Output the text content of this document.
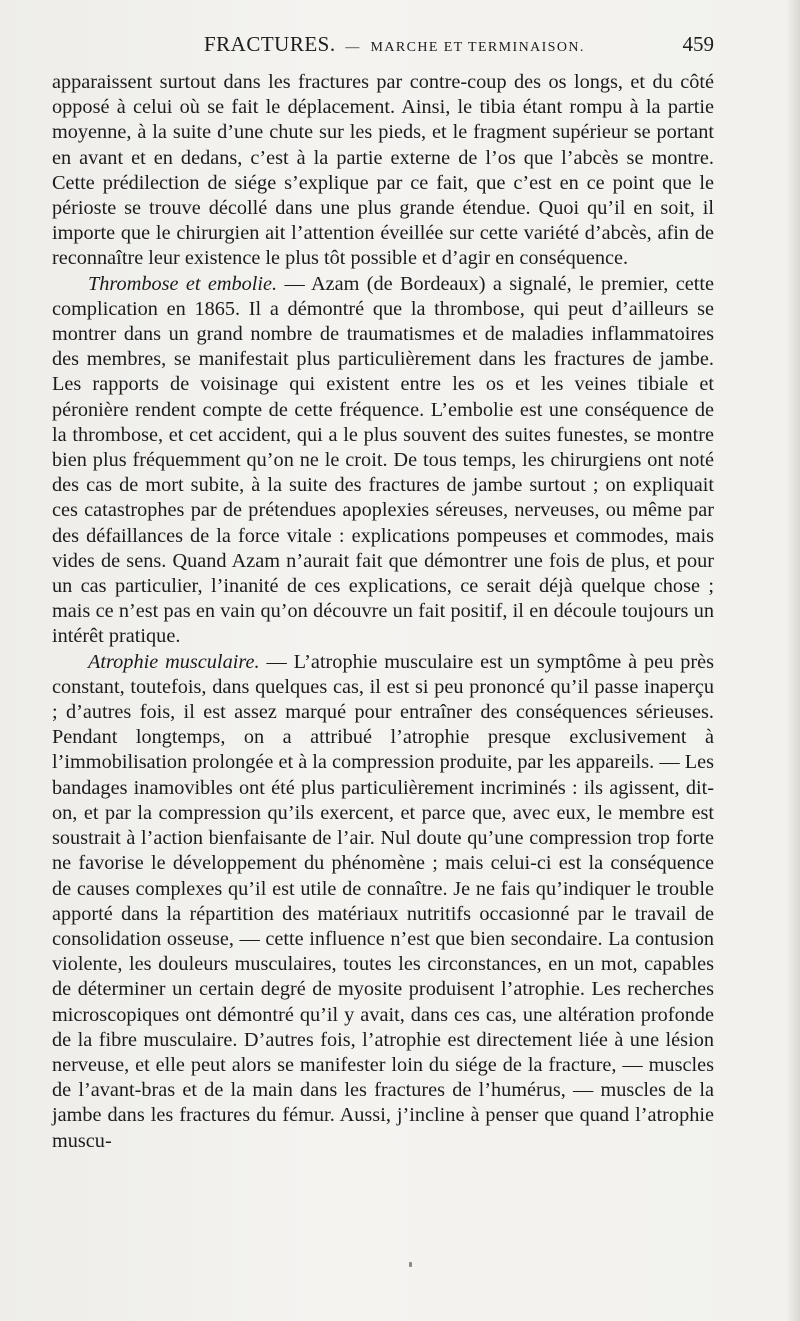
FRACTURES. — MARCHE ET TERMINAISON.	459

apparaissent surtout dans les fractures par contre-coup des os longs, et du côté opposé à celui où se fait le déplacement. Ainsi, le tibia étant rompu à la partie moyenne, à la suite d’une chute sur les pieds, et le fragment supérieur se portant en avant et en dedans, c’est à la partie externe de l’os que l’abcès se montre. Cette prédilection de siége s’explique par ce fait, que c’est en ce point que le périoste se trouve décollé dans une plus grande étendue. Quoi qu’il en soit, il importe que le chirurgien ait l’attention éveillée sur cette variété d’abcès, afin de reconnaître leur existence le plus tôt possible et d’agir en conséquence.

Thrombose et embolie. — Azam (de Bordeaux) a signalé, le premier, cette complication en 1865. Il a démontré que la thrombose, qui peut d’ailleurs se montrer dans un grand nombre de traumatismes et de maladies inflammatoires des membres, se manifestait plus particulièrement dans les fractures de jambe. Les rapports de voisinage qui existent entre les os et les veines tibiale et péronière rendent compte de cette fréquence. L’embolie est une conséquence de la thrombose, et cet accident, qui a le plus souvent des suites funestes, se montre bien plus fréquemment qu’on ne le croit. De tous temps, les chirurgiens ont noté des cas de mort subite, à la suite des fractures de jambe surtout ; on expliquait ces catastrophes par de prétendues apoplexies séreuses, nerveuses, ou même par des défaillances de la force vitale : explications pompeuses et commodes, mais vides de sens. Quand Azam n’aurait fait que démontrer une fois de plus, et pour un cas particulier, l’inanité de ces explications, ce serait déjà quelque chose ; mais ce n’est pas en vain qu’on découvre un fait positif, il en découle toujours un intérêt pratique.

Atrophie musculaire. — L’atrophie musculaire est un symptôme à peu près constant, toutefois, dans quelques cas, il est si peu prononcé qu’il passe inaperçu ; d’autres fois, il est assez marqué pour entraîner des conséquences sérieuses. Pendant longtemps, on a attribué l’atrophie presque exclusivement à l’immobilisation prolongée et à la compression produite, par les appareils. — Les bandages inamovibles ont été plus particulièrement incriminés : ils agissent, dit-on, et par la compression qu’ils exercent, et parce que, avec eux, le membre est soustrait à l’action bienfaisante de l’air. Nul doute qu’une compression trop forte ne favorise le développement du phénomène ; mais celui-ci est la conséquence de causes complexes qu’il est utile de connaître. Je ne fais qu’indiquer le trouble apporté dans la répartition des matériaux nutritifs occasionné par le travail de consolidation osseuse, — cette influence n’est que bien secondaire. La contusion violente, les douleurs musculaires, toutes les circonstances, en un mot, capables de déterminer un certain degré de myosite produisent l’atrophie. Les recherches microscopiques ont démontré qu’il y avait, dans ces cas, une altération profonde de la fibre musculaire. D’autres fois, l’atrophie est directement liée à une lésion nerveuse, et elle peut alors se manifester loin du siége de la fracture, — muscles de l’avant-bras et de la main dans les fractures de l’humérus, — muscles de la jambe dans les fractures du fémur. Aussi, j’incline à penser que quand l’atrophie muscu-
